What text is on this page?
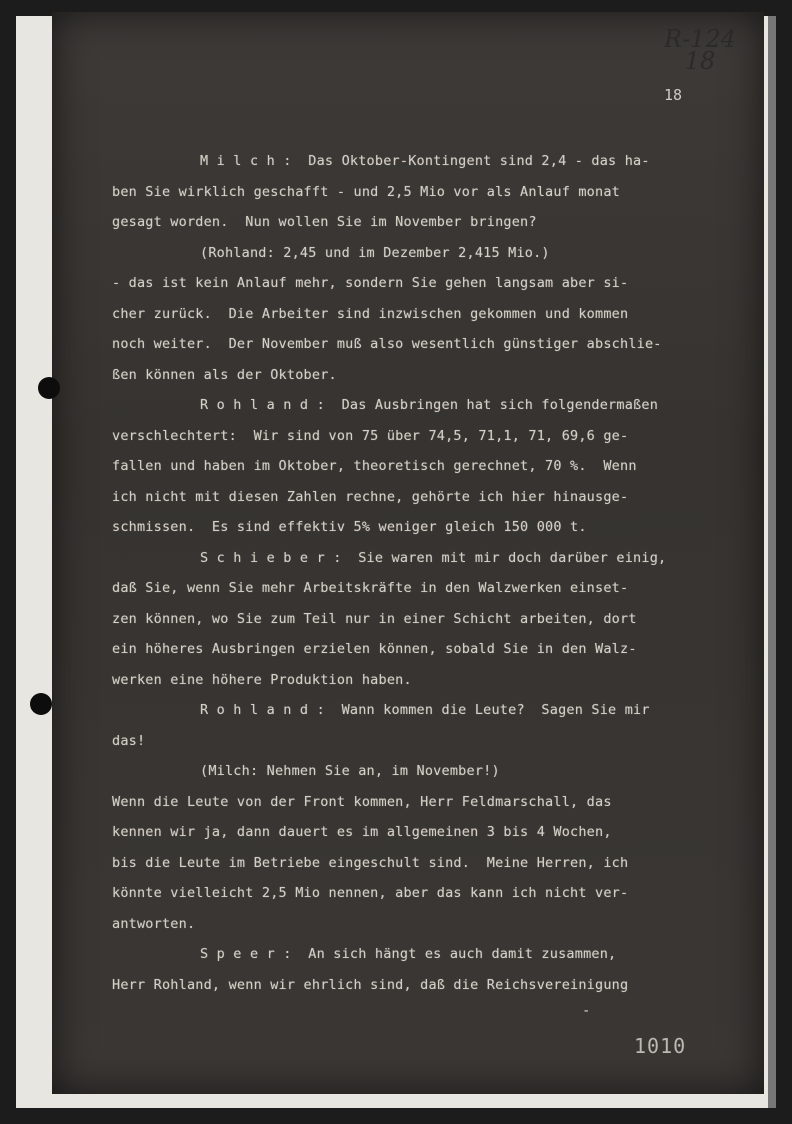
R-124
18
18
M i l c h :  Das Oktober-Kontingent sind 2,4 - das ha-
ben Sie wirklich geschafft - und 2,5 Mio vor als Anlauf monat
gesagt worden.  Nun wollen Sie im November bringen?
(Rohland: 2,45 und im Dezember 2,415 Mio.)
- das ist kein Anlauf mehr, sondern Sie gehen langsam aber si-
cher zurück.  Die Arbeiter sind inzwischen gekommen und kommen
noch weiter.  Der November muß also wesentlich günstiger abschlie-
ßen können als der Oktober.
R o h l a n d :  Das Ausbringen hat sich folgendermaßen
verschlechtert:  Wir sind von 75 über 74,5, 71,1, 71, 69,6 ge-
fallen und haben im Oktober, theoretisch gerechnet, 70 %.  Wenn
ich nicht mit diesen Zahlen rechne, gehörte ich hier hinausge-
schmissen.  Es sind effektiv 5% weniger gleich 150 000 t.
S c h i e b e r :  Sie waren mit mir doch darüber einig,
daß Sie, wenn Sie mehr Arbeitskräfte in den Walzwerken einset-
zen können, wo Sie zum Teil nur in einer Schicht arbeiten, dort
ein höheres Ausbringen erzielen können, sobald Sie in den Walz-
werken eine höhere Produktion haben.
R o h l a n d :  Wann kommen die Leute?  Sagen Sie mir
das!
(Milch: Nehmen Sie an, im November!)
Wenn die Leute von der Front kommen, Herr Feldmarschall, das
kennen wir ja, dann dauert es im allgemeinen 3 bis 4 Wochen,
bis die Leute im Betriebe eingeschult sind.  Meine Herren, ich
könnte vielleicht 2,5 Mio nennen, aber das kann ich nicht ver-
antworten.
S p e e r :  An sich hängt es auch damit zusammen,
Herr Rohland, wenn wir ehrlich sind, daß die Reichsvereinigung
-
1010
